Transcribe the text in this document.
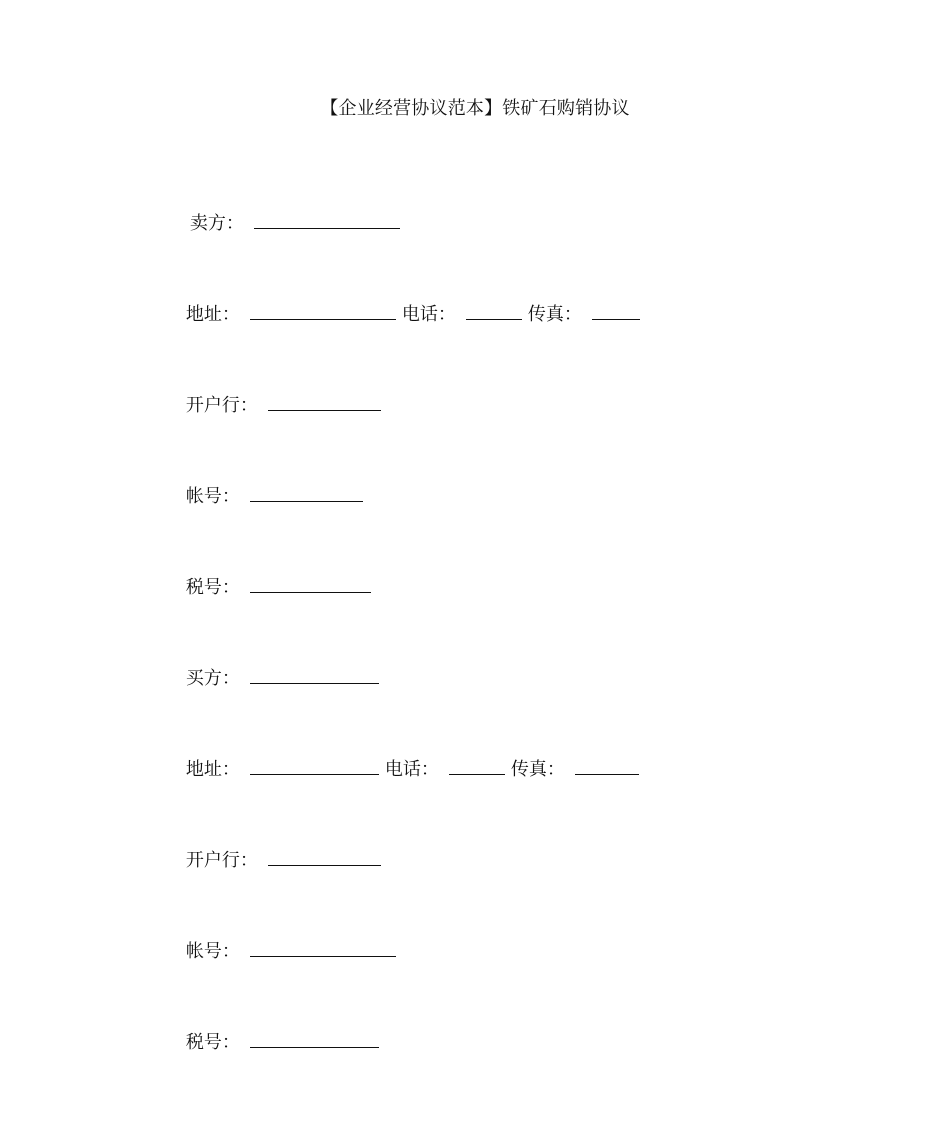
【企业经营协议范本】铁矿石购销协议

卖方：

地址：	电话：	传真：

开户行：

帐号：

税号：

买方：

地址：	电话：	传真：

开户行：

帐号：

税号：
